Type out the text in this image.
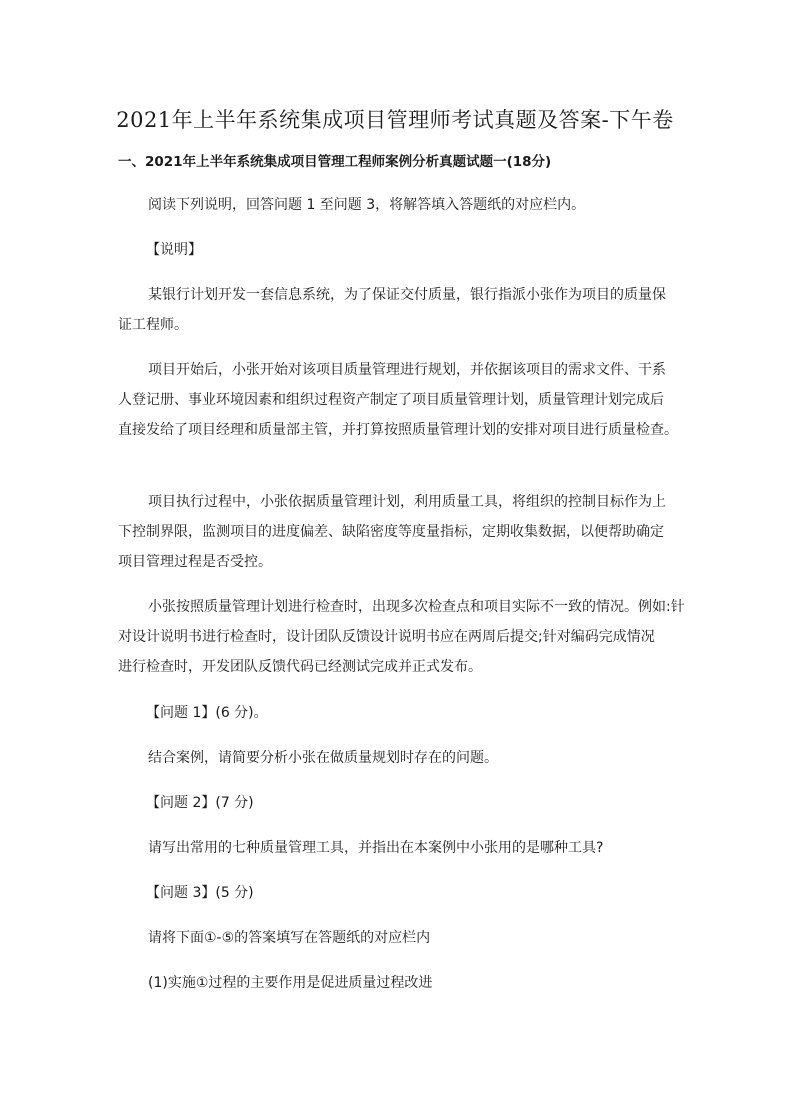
2021年上半年系统集成项目管理师考试真题及答案-下午卷
一、2021年上半年系统集成项目管理工程师案例分析真题试题一(18分)
阅读下列说明，回答问题 1 至问题 3，将解答填入答题纸的对应栏内。
【说明】
某银行计划开发一套信息系统，为了保证交付质量，银行指派小张作为项目的质量保
证工程师。
项目开始后，小张开始对该项目质量管理进行规划，并依据该项目的需求文件、干系
人登记册、事业环境因素和组织过程资产制定了项目质量管理计划，质量管理计划完成后
直接发给了项目经理和质量部主管，并打算按照质量管理计划的安排对项目进行质量检查。
项目执行过程中，小张依据质量管理计划，利用质量工具，将组织的控制目标作为上
下控制界限，监测项目的进度偏差、缺陷密度等度量指标，定期收集数据，以便帮助确定
项目管理过程是否受控。
小张按照质量管理计划进行检查时，出现多次检查点和项目实际不一致的情况。例如:针
对设计说明书进行检查时，设计团队反馈设计说明书应在两周后提交;针对编码完成情况
进行检查时，开发团队反馈代码已经测试完成并正式发布。
【问题 1】(6 分)。
结合案例，请简要分析小张在做质量规划时存在的问题。
【问题 2】(7 分)
请写出常用的七种质量管理工具，并指出在本案例中小张用的是哪种工具?
【问题 3】(5 分)
请将下面①-⑤的答案填写在答题纸的对应栏内
(1)实施①过程的主要作用是促进质量过程改进
